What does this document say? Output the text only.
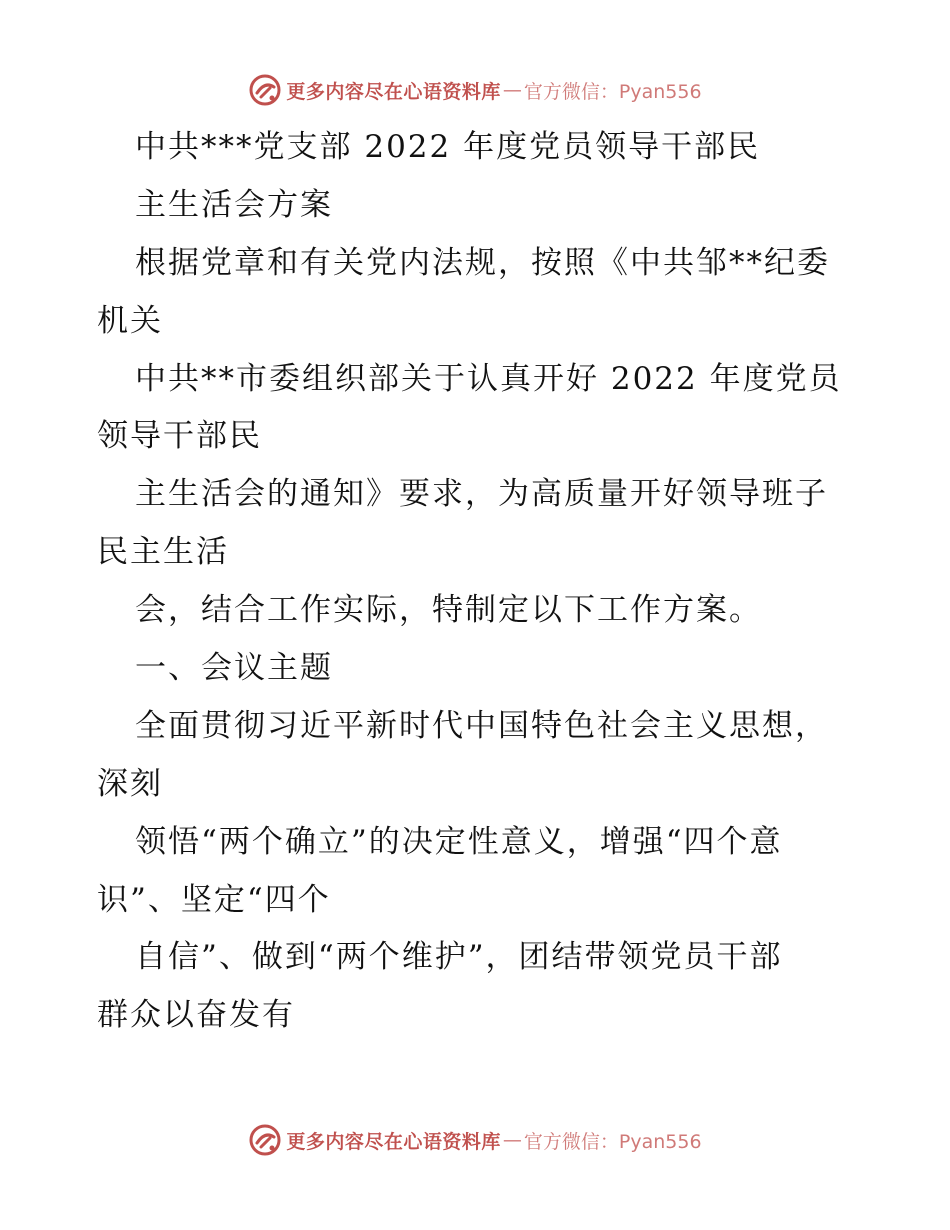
更多内容尽在心语资料库 — 官方微信：Pyan556
中共***党支部 2022 年度党员领导干部民
主生活会方案
根据党章和有关党内法规，按照《中共邹**纪委
机关
中共**市委组织部关于认真开好 2022 年度党员
领导干部民
主生活会的通知》要求，为高质量开好领导班子
民主生活
会，结合工作实际，特制定以下工作方案。
一、会议主题
全面贯彻习近平新时代中国特色社会主义思想，
深刻
领悟“两个确立”的决定性意义，增强“四个意
识”、坚定“四个
自信”、做到“两个维护”，团结带领党员干部
群众以奋发有
更多内容尽在心语资料库 — 官方微信：Pyan556
